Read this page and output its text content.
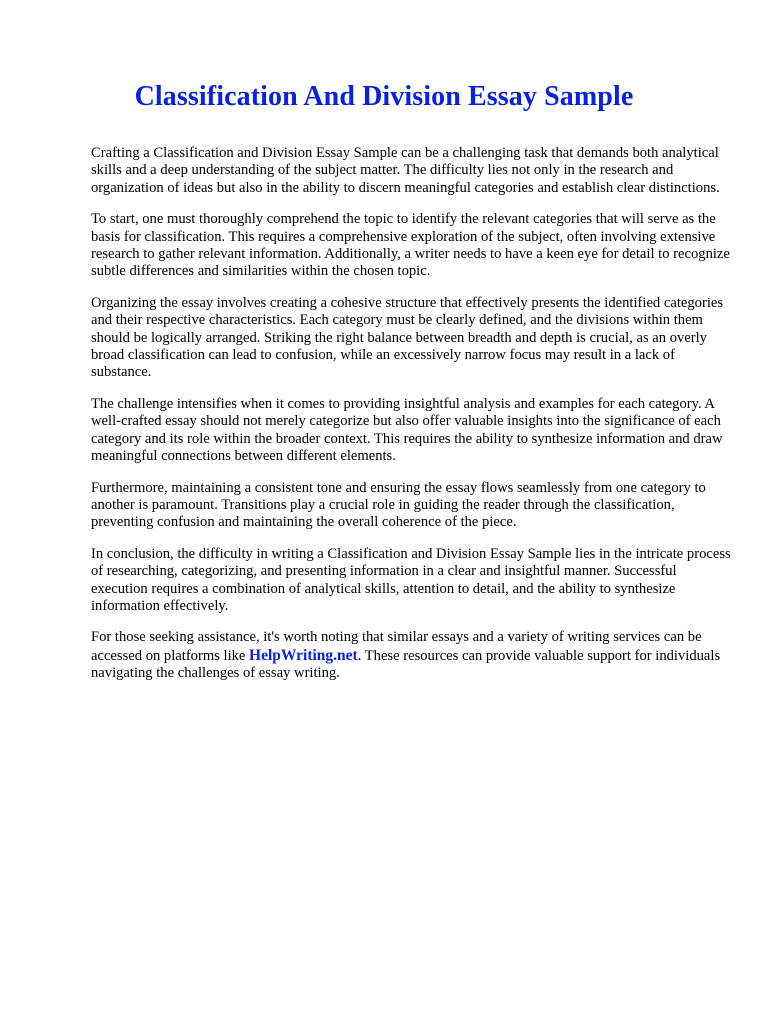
Classification And Division Essay Sample

Crafting a Classification and Division Essay Sample can be a challenging task that demands both analytical skills and a deep understanding of the subject matter. The difficulty lies not only in the research and organization of ideas but also in the ability to discern meaningful categories and establish clear distinctions.

To start, one must thoroughly comprehend the topic to identify the relevant categories that will serve as the basis for classification. This requires a comprehensive exploration of the subject, often involving extensive research to gather relevant information. Additionally, a writer needs to have a keen eye for detail to recognize subtle differences and similarities within the chosen topic.

Organizing the essay involves creating a cohesive structure that effectively presents the identified categories and their respective characteristics. Each category must be clearly defined, and the divisions within them should be logically arranged. Striking the right balance between breadth and depth is crucial, as an overly broad classification can lead to confusion, while an excessively narrow focus may result in a lack of substance.

The challenge intensifies when it comes to providing insightful analysis and examples for each category. A well-crafted essay should not merely categorize but also offer valuable insights into the significance of each category and its role within the broader context. This requires the ability to synthesize information and draw meaningful connections between different elements.

Furthermore, maintaining a consistent tone and ensuring the essay flows seamlessly from one category to another is paramount. Transitions play a crucial role in guiding the reader through the classification, preventing confusion and maintaining the overall coherence of the piece.

In conclusion, the difficulty in writing a Classification and Division Essay Sample lies in the intricate process of researching, categorizing, and presenting information in a clear and insightful manner. Successful execution requires a combination of analytical skills, attention to detail, and the ability to synthesize information effectively.

For those seeking assistance, it's worth noting that similar essays and a variety of writing services can be accessed on platforms like HelpWriting.net. These resources can provide valuable support for individuals navigating the challenges of essay writing.
